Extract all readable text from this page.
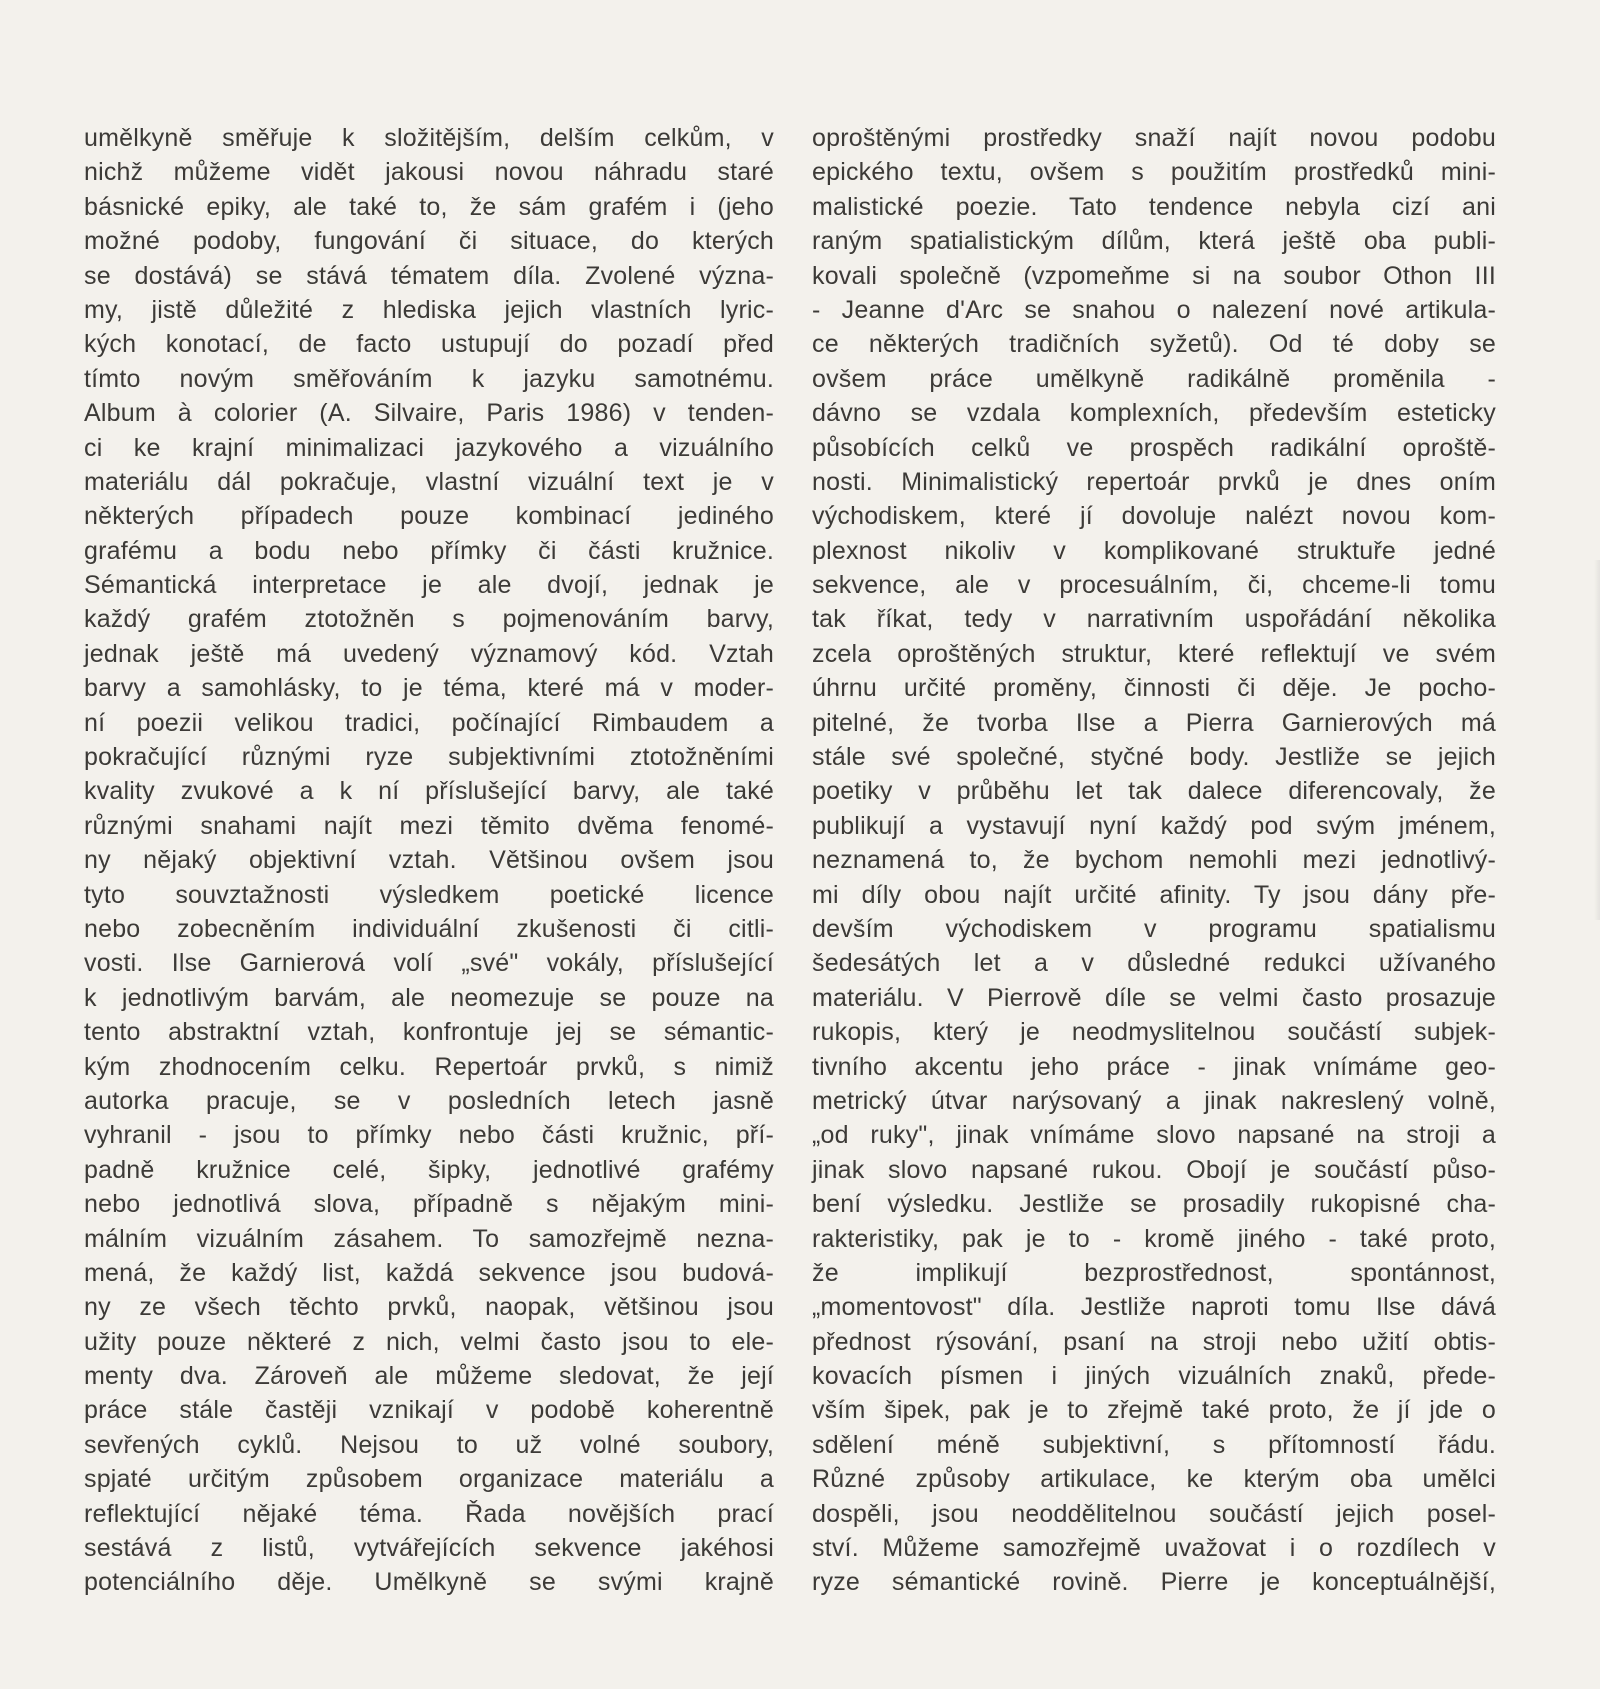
umělkyně směřuje k složitějším, delším celkům, v
nichž můžeme vidět jakousi novou náhradu staré
básnické epiky, ale také to, že sám grafém i (jeho
možné podoby, fungování či situace, do kterých
se dostává) se stává tématem díla. Zvolené význa-
my, jistě důležité z hlediska jejich vlastních lyric-
kých konotací, de facto ustupují do pozadí před
tímto novým směřováním k jazyku samotnému.
Album à colorier (A. Silvaire, Paris 1986) v tenden-
ci ke krajní minimalizaci jazykového a vizuálního
materiálu dál pokračuje, vlastní vizuální text je v
některých případech pouze kombinací jediného
grafému a bodu nebo přímky či části kružnice.
Sémantická interpretace je ale dvojí, jednak je
každý grafém ztotožněn s pojmenováním barvy,
jednak ještě má uvedený významový kód. Vztah
barvy a samohlásky, to je téma, které má v moder-
ní poezii velikou tradici, počínající Rimbaudem a
pokračující různými ryze subjektivními ztotožněními
kvality zvukové a k ní příslušející barvy, ale také
různými snahami najít mezi těmito dvěma fenomé-
ny nějaký objektivní vztah. Většinou ovšem jsou
tyto souvztažnosti výsledkem poetické licence
nebo zobecněním individuální zkušenosti či citli-
vosti. Ilse Garnierová volí „své" vokály, příslušející
k jednotlivým barvám, ale neomezuje se pouze na
tento abstraktní vztah, konfrontuje jej se sémantic-
kým zhodnocením celku. Repertoár prvků, s nimiž
autorka pracuje, se v posledních letech jasně
vyhranil - jsou to přímky nebo části kružnic, pří-
padně kružnice celé, šipky, jednotlivé grafémy
nebo jednotlivá slova, případně s nějakým mini-
málním vizuálním zásahem. To samozřejmě nezna-
mená, že každý list, každá sekvence jsou budová-
ny ze všech těchto prvků, naopak, většinou jsou
užity pouze některé z nich, velmi často jsou to ele-
menty dva. Zároveň ale můžeme sledovat, že její
práce stále častěji vznikají v podobě koherentně
sevřených cyklů. Nejsou to už volné soubory,
spjaté určitým způsobem organizace materiálu a
reflektující nějaké téma. Řada novějších prací
sestává z listů, vytvářejících sekvence jakéhosi
potenciálního děje. Umělkyně se svými krajně
oproštěnými prostředky snaží najít novou podobu
epického textu, ovšem s použitím prostředků mini-
malistické poezie. Tato tendence nebyla cizí ani
raným spatialistickým dílům, která ještě oba publi-
kovali společně (vzpomeňme si na soubor Othon III
- Jeanne d'Arc se snahou o nalezení nové artikula-
ce některých tradičních syžetů). Od té doby se
ovšem práce umělkyně radikálně proměnila -
dávno se vzdala komplexních, především esteticky
působících celků ve prospěch radikální oproště-
nosti. Minimalistický repertoár prvků je dnes oním
východiskem, které jí dovoluje nalézt novou kom-
plexnost nikoliv v komplikované struktuře jedné
sekvence, ale v procesuálním, či, chceme-li tomu
tak říkat, tedy v narrativním uspořádání několika
zcela oproštěných struktur, které reflektují ve svém
úhrnu určité proměny, činnosti či děje. Je pocho-
pitelné, že tvorba Ilse a Pierra Garnierových má
stále své společné, styčné body. Jestliže se jejich
poetiky v průběhu let tak dalece diferencovaly, že
publikují a vystavují nyní každý pod svým jménem,
neznamená to, že bychom nemohli mezi jednotlivý-
mi díly obou najít určité afinity. Ty jsou dány pře-
devším východiskem v programu spatialismu
šedesátých let a v důsledné redukci užívaného
materiálu. V Pierrově díle se velmi často prosazuje
rukopis, který je neodmyslitelnou součástí subjek-
tivního akcentu jeho práce - jinak vnímáme geo-
metrický útvar narýsovaný a jinak nakreslený volně,
„od ruky", jinak vnímáme slovo napsané na stroji a
jinak slovo napsané rukou. Obojí je součástí půso-
bení výsledku. Jestliže se prosadily rukopisné cha-
rakteristiky, pak je to - kromě jiného - také proto,
že implikují bezprostřednost, spontánnost,
„momentovost" díla. Jestliže naproti tomu Ilse dává
přednost rýsování, psaní na stroji nebo užití obtis-
kovacích písmen i jiných vizuálních znaků, přede-
vším šipek, pak je to zřejmě také proto, že jí jde o
sdělení méně subjektivní, s přítomností řádu.
Různé způsoby artikulace, ke kterým oba umělci
dospěli, jsou neoddělitelnou součástí jejich posel-
ství. Můžeme samozřejmě uvažovat i o rozdílech v
ryze sémantické rovině. Pierre je konceptuálnější,
